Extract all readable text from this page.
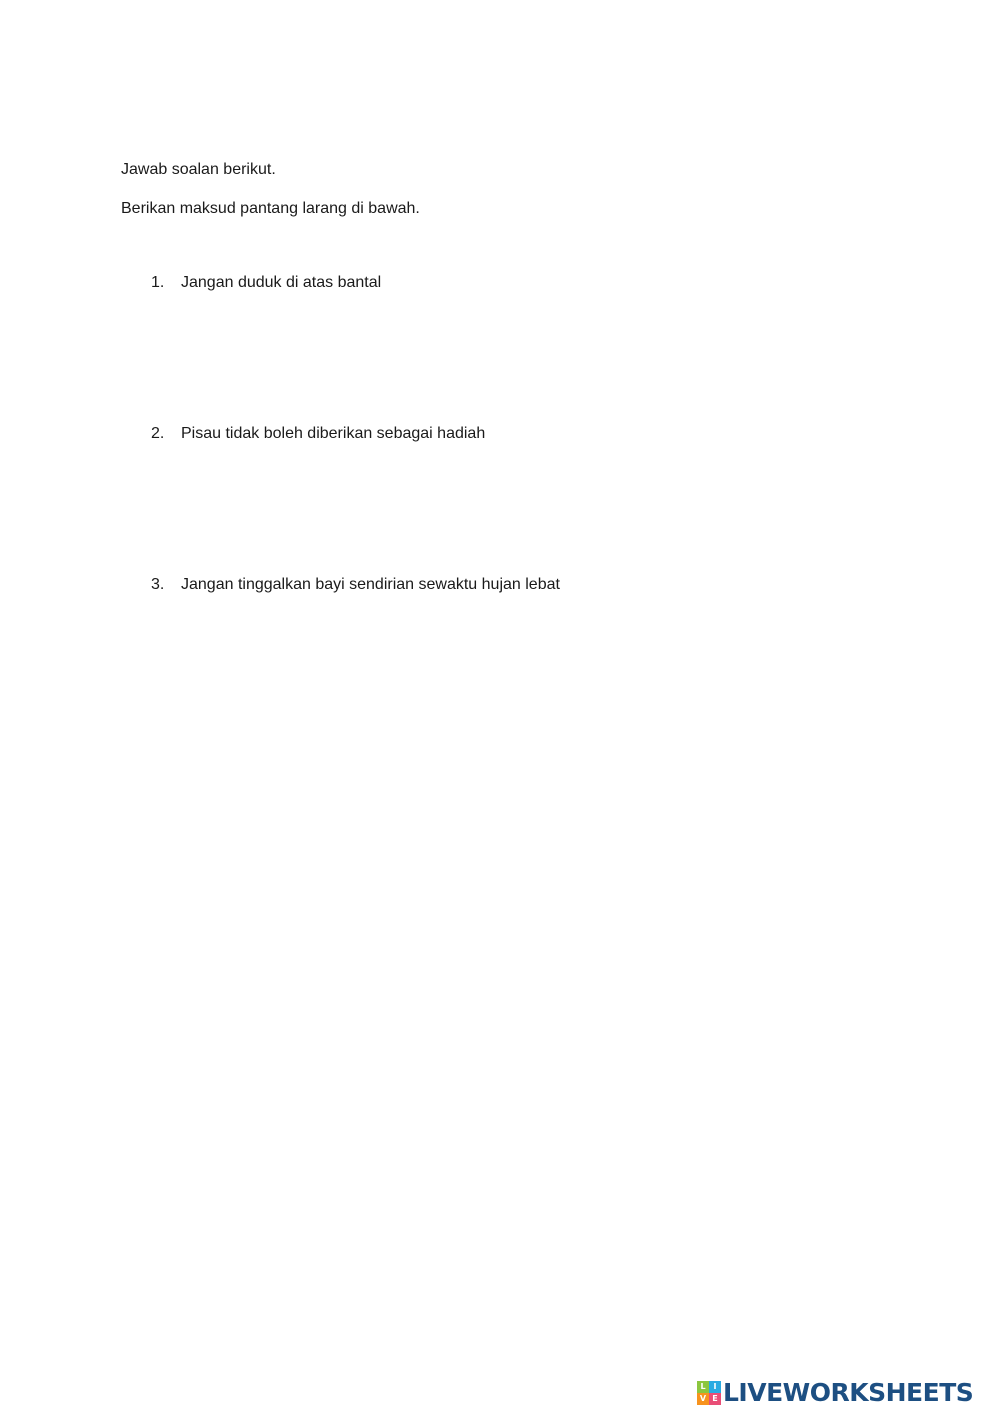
Jawab soalan berikut.

Berikan maksud pantang larang di bawah.

1.	Jangan duduk di atas bantal
2.	Pisau tidak boleh diberikan sebagai hadiah
3.	Jangan tinggalkan bayi sendirian sewaktu hujan lebat
L I
V E LIVEWORKSHEETS
